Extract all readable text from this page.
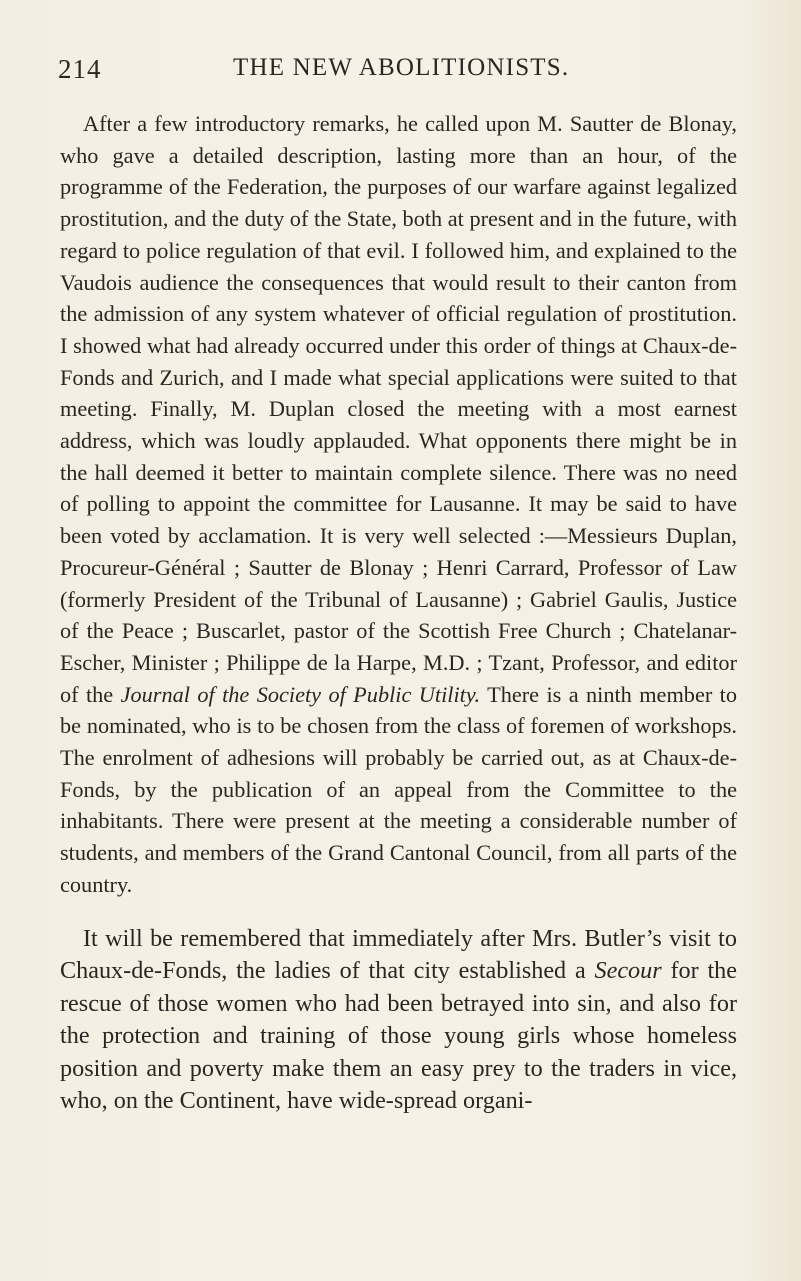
214	THE NEW ABOLITIONISTS.

After a few introductory remarks, he called upon M. Sautter de Blonay, who gave a detailed description, lasting more than an hour, of the programme of the Federation, the purposes of our warfare against legalized prostitution, and the duty of the State, both at present and in the future, with regard to police regulation of that evil. I followed him, and explained to the Vaudois audience the consequences that would result to their canton from the admission of any system whatever of official regulation of prostitution. I showed what had already occurred under this order of things at Chaux-de-Fonds and Zurich, and I made what special applications were suited to that meeting. Finally, M. Duplan closed the meeting with a most earnest address, which was loudly applauded. What opponents there might be in the hall deemed it better to maintain complete silence. There was no need of polling to appoint the committee for Lausanne. It may be said to have been voted by acclamation. It is very well selected :—Messieurs Duplan, Procureur-Général ; Sautter de Blonay ; Henri Carrard, Professor of Law (formerly President of the Tribunal of Lausanne) ; Gabriel Gaulis, Justice of the Peace ; Buscarlet, pastor of the Scottish Free Church ; Chatelanar-Escher, Minister ; Philippe de la Harpe, M.D. ; Tzant, Professor, and editor of the Journal of the Society of Public Utility. There is a ninth member to be nominated, who is to be chosen from the class of foremen of workshops. The enrolment of adhesions will probably be carried out, as at Chaux-de-Fonds, by the publication of an appeal from the Committee to the inhabitants. There were present at the meeting a considerable number of students, and members of the Grand Cantonal Council, from all parts of the country.

It will be remembered that immediately after Mrs. Butler’s visit to Chaux-de-Fonds, the ladies of that city established a Secour for the rescue of those women who had been betrayed into sin, and also for the protection and training of those young girls whose homeless position and poverty make them an easy prey to the traders in vice, who, on the Continent, have wide-spread organi-
